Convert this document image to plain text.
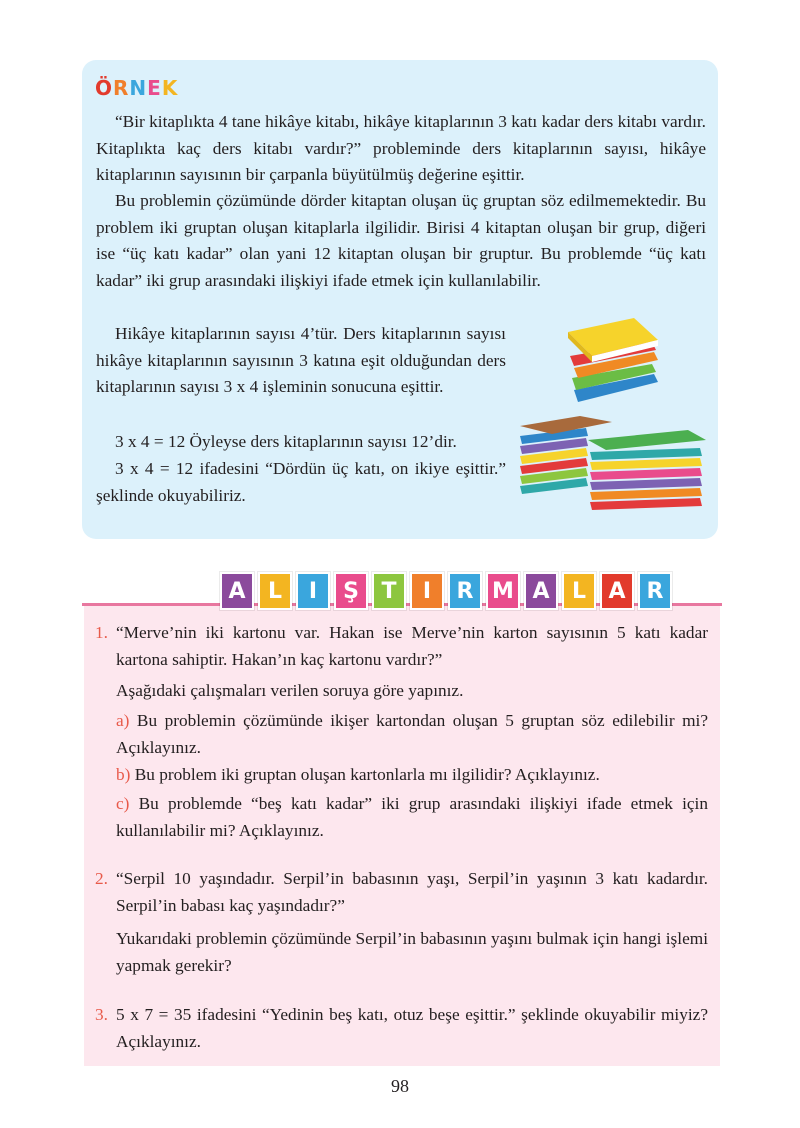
ÖRNEK

“Bir kitaplıkta 4 tane hikâye kitabı, hikâye kitaplarının 3 katı kadar ders kitabı vardır. Kitaplıkta kaç ders kitabı vardır?” probleminde ders kitaplarının sayısı, hikâye kitaplarının sayısının bir çarpanla büyütülmüş değerine eşittir.

Bu problemin çözümünde dörder kitaptan oluşan üç gruptan söz edilmemektedir. Bu problem iki gruptan oluşan kitaplarla ilgilidir. Birisi 4 kitaptan oluşan bir grup, diğeri ise “üç katı kadar” olan yani 12 kitaptan oluşan bir gruptur. Bu problemde “üç katı kadar” iki grup arasındaki ilişkiyi ifade etmek için kullanılabilir.

Hikâye kitaplarının sayısı 4’tür. Ders kitaplarının sayısı hikâye kitaplarının sayısının 3 katına eşit olduğundan ders kitaplarının sayısı 3 x 4 işleminin sonucuna eşittir.

3 x 4 = 12 Öyleyse ders kitaplarının sayısı 12’dir.

3 x 4 = 12 ifadesini “Dördün üç katı, on ikiye eşittir.” şeklinde okuyabiliriz.

A	L	I	Ş	T	I	R M A	L	A R
1. “Merve’nin iki kartonu var. Hakan ise Merve’nin karton sayısının 5 katı kadar kartona sahiptir. Hakan’ın kaç kartonu vardır?”

Aşağıdaki çalışmaları verilen soruya göre yapınız.

a) Bu problemin çözümünde ikişer kartondan oluşan 5 gruptan söz edilebilir mi? Açıklayınız.

b) Bu problem iki gruptan oluşan kartonlarla mı ilgilidir? Açıklayınız.

c) Bu problemde “beş katı kadar” iki grup arasındaki ilişkiyi ifade etmek için kullanılabilir mi? Açıklayınız.

2. “Serpil 10 yaşındadır. Serpil’in babasının yaşı, Serpil’in yaşının 3 katı kadardır. Serpil’in babası kaç yaşındadır?”

Yukarıdaki problemin çözümünde Serpil’in babasının yaşını bulmak için hangi işlemi yapmak gerekir?

3. 5 x 7 = 35 ifadesini “Yedinin beş katı, otuz beşe eşittir.” şeklinde okuyabilir miyiz? Açıklayınız.

98
